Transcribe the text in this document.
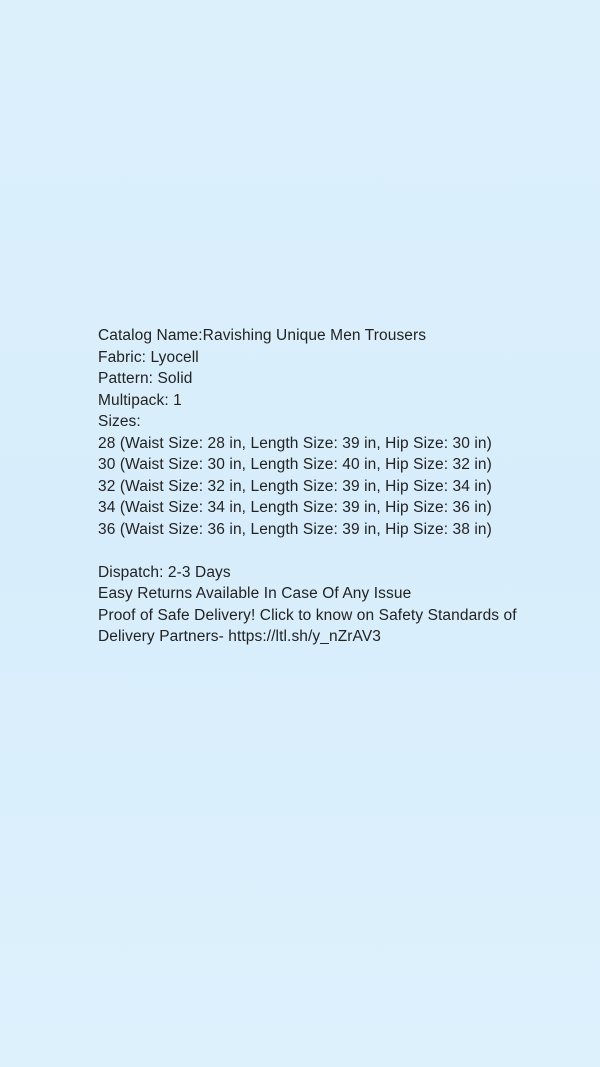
Catalog Name:Ravishing Unique Men Trousers
Fabric: Lyocell
Pattern: Solid
Multipack: 1
Sizes:
28 (Waist Size: 28 in, Length Size: 39 in, Hip Size: 30 in)
30 (Waist Size: 30 in, Length Size: 40 in, Hip Size: 32 in)
32 (Waist Size: 32 in, Length Size: 39 in, Hip Size: 34 in)
34 (Waist Size: 34 in, Length Size: 39 in, Hip Size: 36 in)
36 (Waist Size: 36 in, Length Size: 39 in, Hip Size: 38 in)
Dispatch: 2-3 Days
Easy Returns Available In Case Of Any Issue
Proof of Safe Delivery! Click to know on Safety Standards of Delivery Partners- https://ltl.sh/y_nZrAV3
